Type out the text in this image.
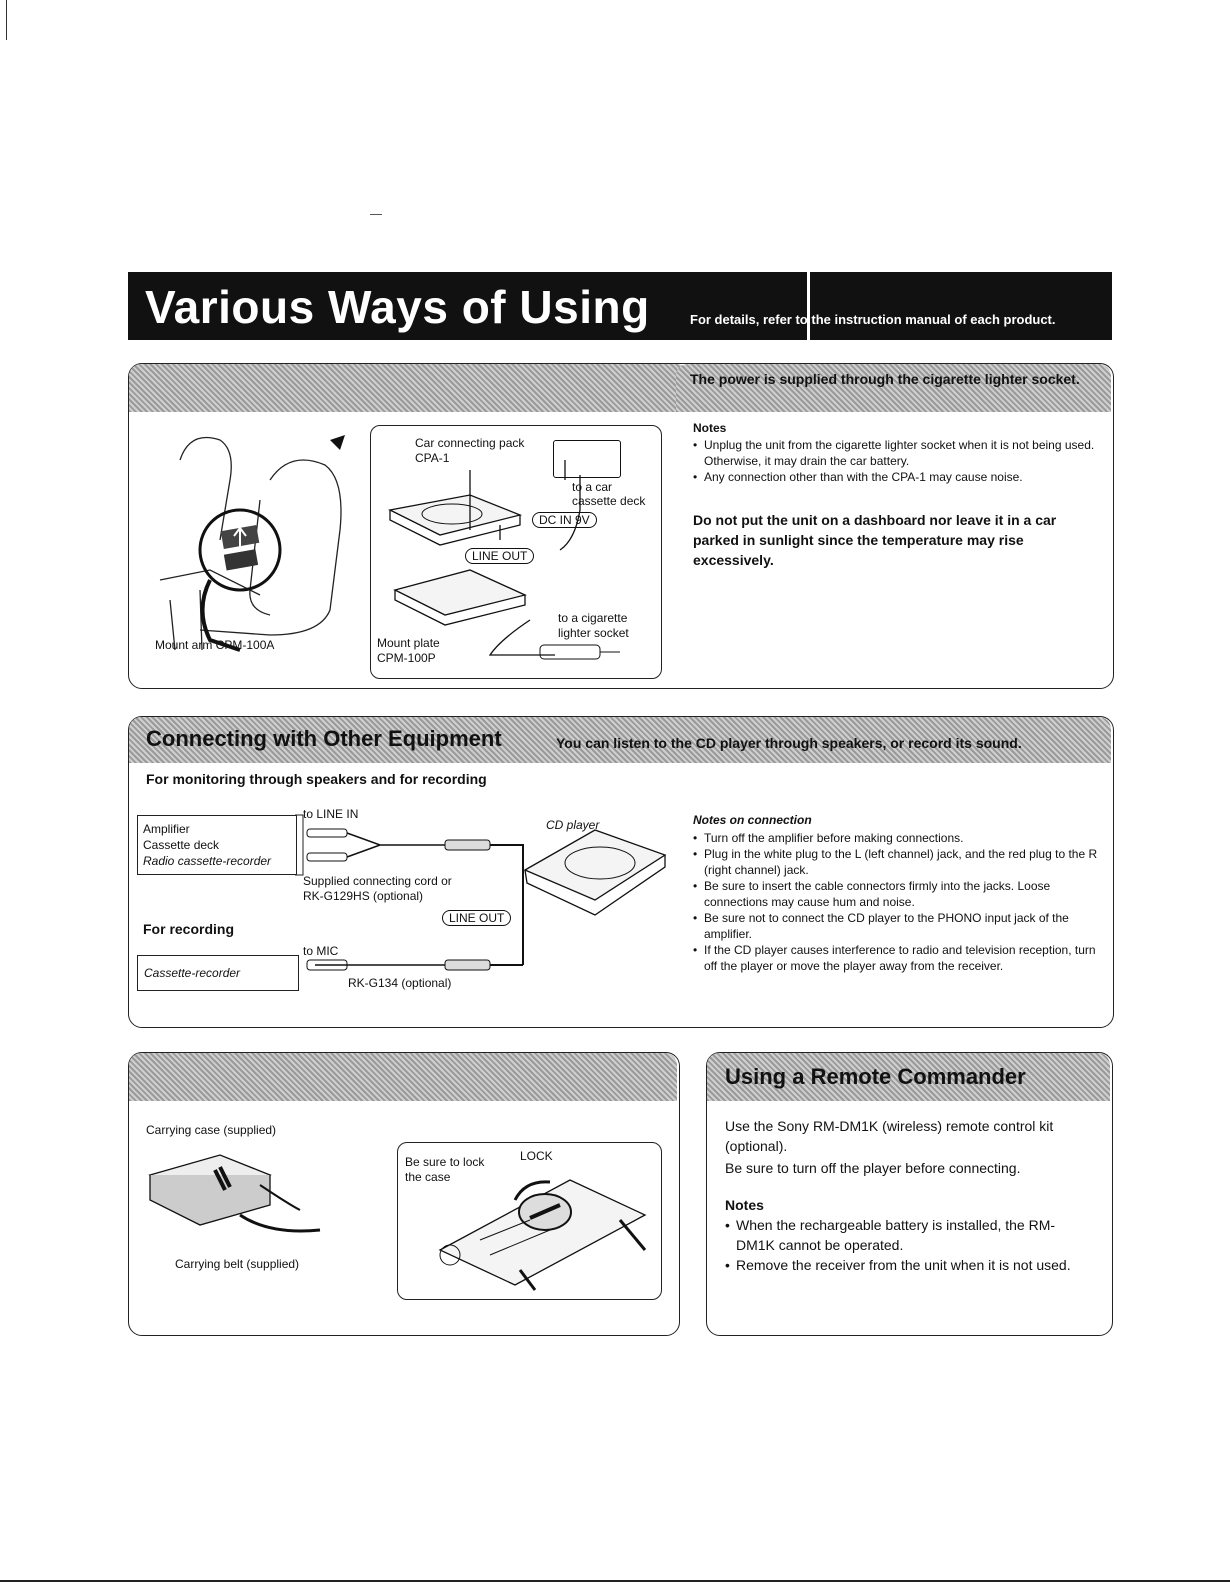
Various Ways of Using	For details, refer to the instruction manual of each product.
The power is supplied through the cigarette lighter socket.
Mount arm CPM-100A
Car connecting pack
CPA-1
to a car
cassette deck
DC IN 9V
LINE OUT
to a cigarette
lighter socket
Mount plate
CPM-100P
Notes
• Unplug the unit from the cigarette lighter socket when it is not being used. Otherwise, it may drain the car battery.
• Any connection other than with the CPA-1 may cause noise.
Do not put the unit on a dashboard nor leave it in a car parked in sunlight since the temperature may rise excessively.
Connecting with Other Equipment	You can listen to the CD player through speakers, or record its sound.
For monitoring through speakers and for recording
Amplifier
Cassette deck
Radio cassette-recorder
to LINE IN
CD player
Supplied connecting cord or
RK-G129HS (optional)
LINE OUT
For recording
Cassette-recorder
to MIC
RK-G134 (optional)
Notes on connection
• Turn off the amplifier before making connections.
• Plug in the white plug to the L (left channel) jack, and the red plug to the R (right channel) jack.
• Be sure to insert the cable connectors firmly into the jacks. Loose connections may cause hum and noise.
• Be sure not to connect the CD player to the PHONO input jack of the amplifier.
• If the CD player causes interference to radio and television reception, turn off the player or move the player away from the receiver.
Carrying case (supplied)
Carrying belt (supplied)
Be sure to lock
the case
LOCK
Using a Remote Commander
Use the Sony RM-DM1K (wireless) remote control kit (optional).
Be sure to turn off the player before connecting.
Notes
• When the rechargeable battery is installed, the RM-DM1K cannot be operated.
• Remove the receiver from the unit when it is not used.
